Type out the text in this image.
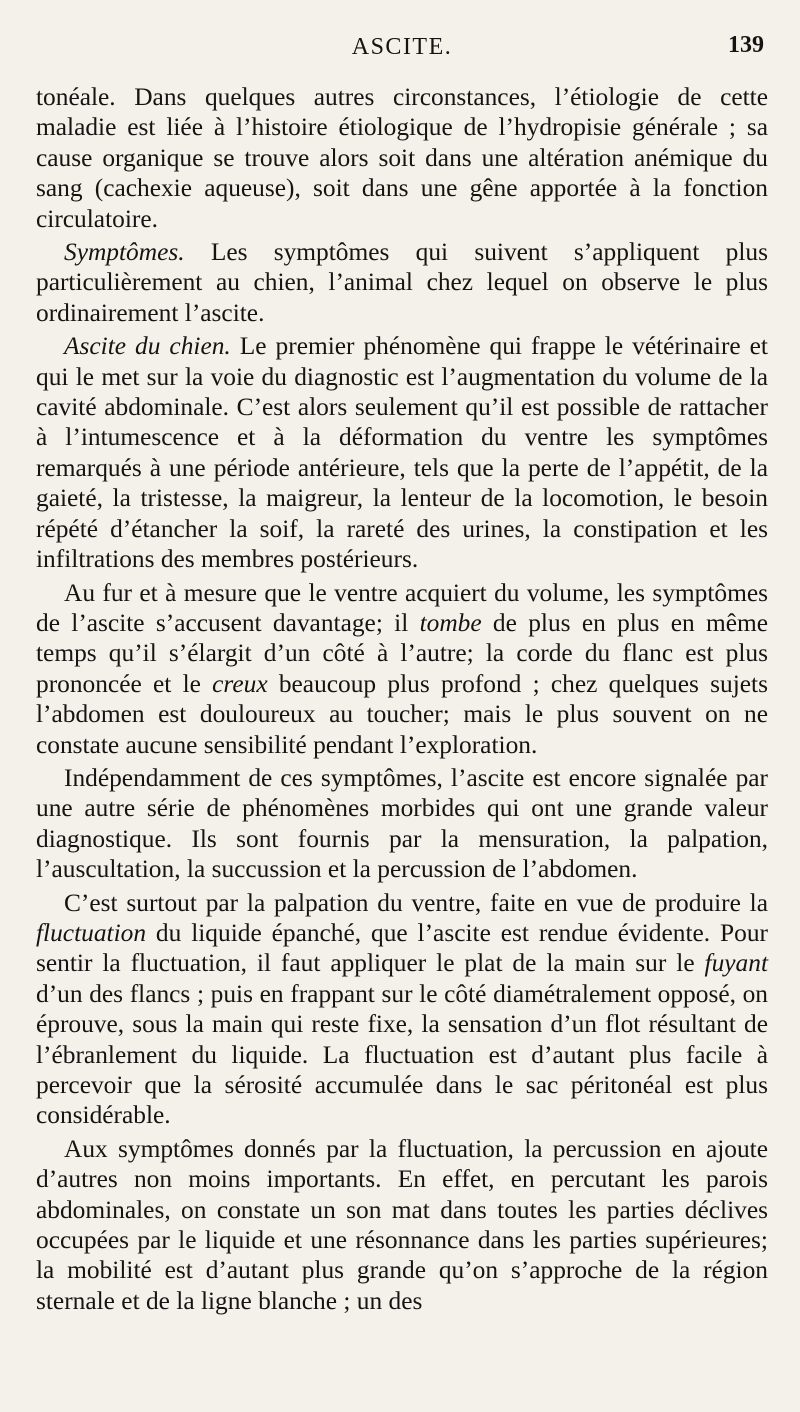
ASCITE.	139

tonéale. Dans quelques autres circonstances, l’étiologie de cette maladie est liée à l’histoire étiologique de l’hydropisie générale ; sa cause organique se trouve alors soit dans une altération anémique du sang (cachexie aqueuse), soit dans une gêne apportée à la fonction circulatoire.

Symptômes. Les symptômes qui suivent s’appliquent plus particulièrement au chien, l’animal chez lequel on observe le plus ordinairement l’ascite.

Ascite du chien. Le premier phénomène qui frappe le vétérinaire et qui le met sur la voie du diagnostic est l’augmentation du volume de la cavité abdominale. C’est alors seulement qu’il est possible de rattacher à l’intumescence et à la déformation du ventre les symptômes remarqués à une période antérieure, tels que la perte de l’appétit, de la gaieté, la tristesse, la maigreur, la lenteur de la locomotion, le besoin répété d’étancher la soif, la rareté des urines, la constipation et les infiltrations des membres postérieurs.

Au fur et à mesure que le ventre acquiert du volume, les symptômes de l’ascite s’accusent davantage; il tombe de plus en plus en même temps qu’il s’élargit d’un côté à l’autre; la corde du flanc est plus prononcée et le creux beaucoup plus profond ; chez quelques sujets l’abdomen est douloureux au toucher; mais le plus souvent on ne constate aucune sensibilité pendant l’exploration.

Indépendamment de ces symptômes, l’ascite est encore signalée par une autre série de phénomènes morbides qui ont une grande valeur diagnostique. Ils sont fournis par la mensuration, la palpation, l’auscultation, la succussion et la percussion de l’abdomen.

C’est surtout par la palpation du ventre, faite en vue de produire la fluctuation du liquide épanché, que l’ascite est rendue évidente. Pour sentir la fluctuation, il faut appliquer le plat de la main sur le fuyant d’un des flancs ; puis en frappant sur le côté diamétralement opposé, on éprouve, sous la main qui reste fixe, la sensation d’un flot résultant de l’ébranlement du liquide. La fluctuation est d’autant plus facile à percevoir que la sérosité accumulée dans le sac péritonéal est plus considérable.

Aux symptômes donnés par la fluctuation, la percussion en ajoute d’autres non moins importants. En effet, en percutant les parois abdominales, on constate un son mat dans toutes les parties déclives occupées par le liquide et une résonnance dans les parties supérieures; la mobilité est d’autant plus grande qu’on s’approche de la région sternale et de la ligne blanche ; un des
